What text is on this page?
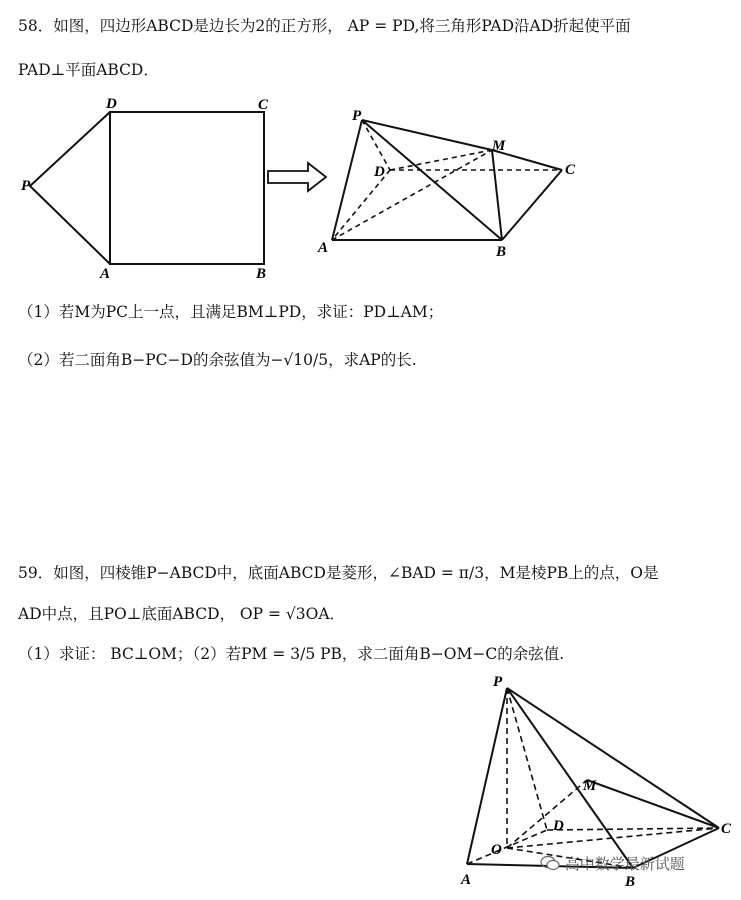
58．如图，四边形ABCD是边长为2的正方形， AP = PD,将三角形PAD沿AD折起使平面
PAD⊥平面ABCD．
D	C
P
A	B
P
M
D	C
A	B
（1）若M为PC上一点，且满足BM⊥PD，求证：PD⊥AM；
（2）若二面角B−PC−D的余弦值为−√10/5，求AP的长.
59．如图，四棱锥P−ABCD中，底面ABCD是菱形，∠BAD = π/3，M是棱PB上的点，O是
AD中点，且PO⊥底面ABCD， OP = √3OA．
（1）求证： BC⊥OM；（2）若PM = 3/5 PB，求二面角B−OM−C的余弦值.
P
M
D	C
O
A	B
高中数学最新试题
